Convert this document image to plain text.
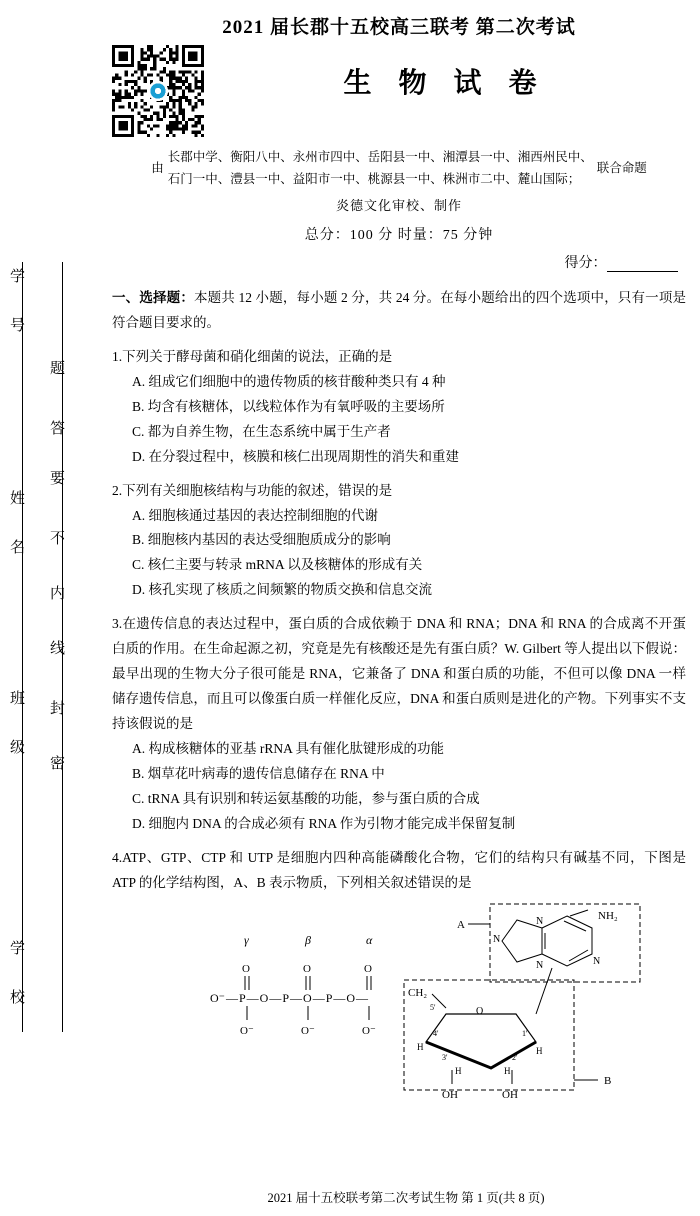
学 号
姓 名
班 级
学 校
题
答
要
不
内
线
封
密
2021 届长郡十五校高三联考 第二次考试
生 物 试 卷
由
长郡中学、衡阳八中、永州市四中、岳阳县一中、湘潭县一中、湘西州民中、
石门一中、澧县一中、益阳市一中、桃源县一中、株洲市二中、麓山国际；
联合命题
炎德文化审校、制作
总分：100 分 时量：75 分钟
得分：
一、选择题：本题共 12 小题，每小题 2 分，共 24 分。在每小题给出的四个选项中，只有一项是符合题目要求的。
1.下列关于酵母菌和硝化细菌的说法，正确的是
A. 组成它们细胞中的遗传物质的核苷酸种类只有 4 种
B. 均含有核糖体，以线粒体作为有氧呼吸的主要场所
C. 都为自养生物，在生态系统中属于生产者
D. 在分裂过程中，核膜和核仁出现周期性的消失和重建
2.下列有关细胞核结构与功能的叙述，错误的是
A. 细胞核通过基因的表达控制细胞的代谢
B. 细胞核内基因的表达受细胞质成分的影响
C. 核仁主要与转录 mRNA 以及核糖体的形成有关
D. 核孔实现了核质之间频繁的物质交换和信息交流
3.在遗传信息的表达过程中，蛋白质的合成依赖于 DNA 和 RNA；DNA 和 RNA 的合成离不开蛋白质的作用。在生命起源之初，究竟是先有核酸还是先有蛋白质？W. Gilbert 等人提出以下假说：最早出现的生物大分子很可能是 RNA，它兼备了 DNA 和蛋白质的功能，不但可以像 DNA 一样储存遗传信息，而且可以像蛋白质一样催化反应，DNA 和蛋白质则是进化的产物。下列事实不支持该假说的是
A. 构成核糖体的亚基 rRNA 具有催化肽键形成的功能
B. 烟草花叶病毒的遗传信息储存在 RNA 中
C. tRNA 具有识别和转运氨基酸的功能，参与蛋白质的合成
D. 细胞内 DNA 的合成必须有 RNA 作为引物才能完成半保留复制
4.ATP、GTP、CTP 和 UTP 是细胞内四种高能磷酸化合物，它们的结构只有碱基不同，下图是 ATP 的化学结构图，A、B 表示物质，下列相关叙述错误的是
A
NH₂
N	N
N
N
γ	β	α
O	O	O
O⁻ — P — O — P — O — P — O —
O⁻	O⁻	O⁻
CH₂
O
5'
4'	1'
3'	2'
H	H
H	H
OH	OH
B
2021 届十五校联考第二次考试生物 第 1 页(共 8 页)
